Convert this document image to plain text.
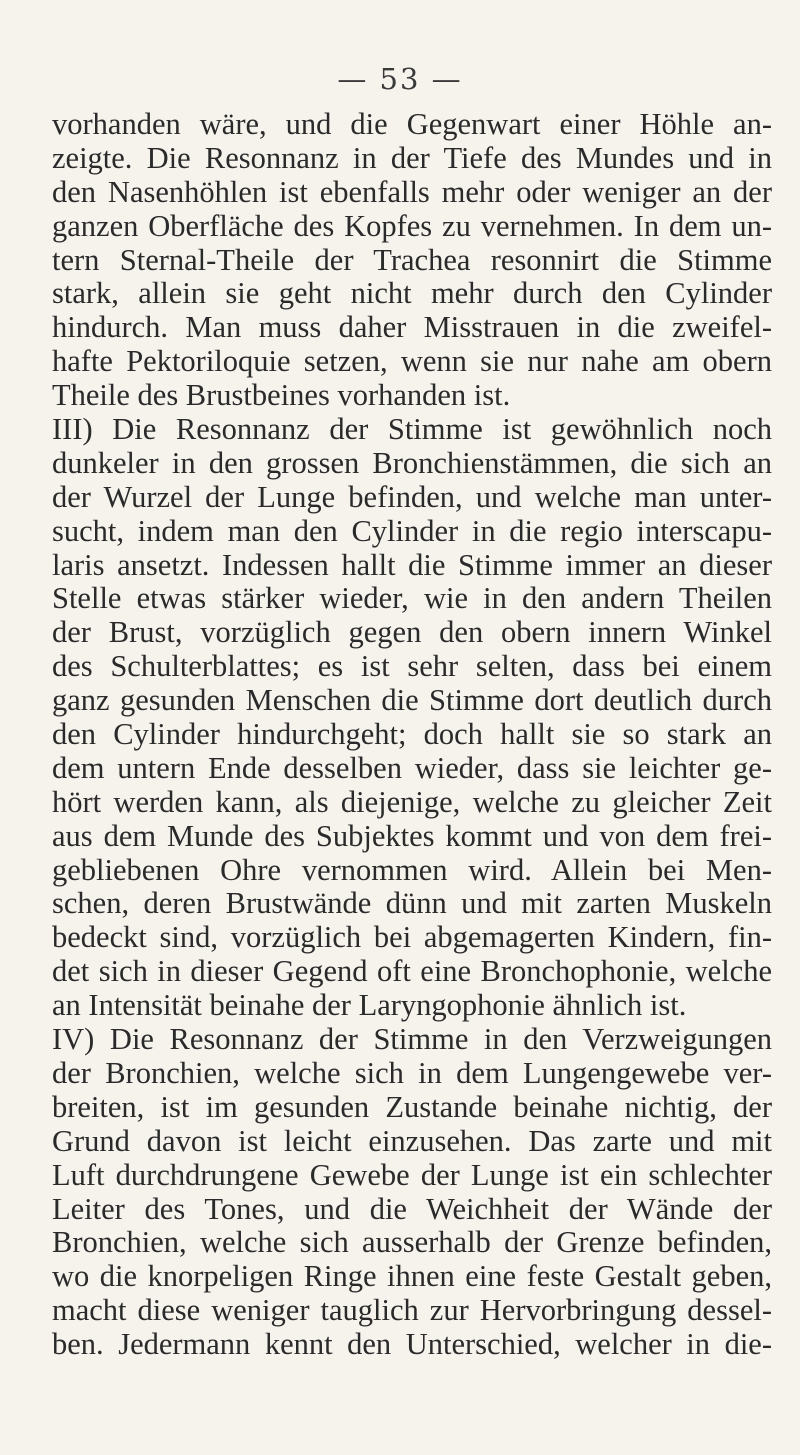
— 53 —
vorhanden wäre, und die Gegenwart einer Höhle an-
zeigte. Die Resonnanz in der Tiefe des Mundes und in
den Nasenhöhlen ist ebenfalls mehr oder weniger an der
ganzen Oberfläche des Kopfes zu vernehmen. In dem un-
tern Sternal-Theile der Trachea resonnirt die Stimme
stark, allein sie geht nicht mehr durch den Cylinder
hindurch. Man muss daher Misstrauen in die zweifel-
hafte Pektoriloquie setzen, wenn sie nur nahe am obern
Theile des Brustbeines vorhanden ist.
III) Die Resonnanz der Stimme ist gewöhnlich noch
dunkeler in den grossen Bronchienstämmen, die sich an
der Wurzel der Lunge befinden, und welche man unter-
sucht, indem man den Cylinder in die regio interscapu-
laris ansetzt. Indessen hallt die Stimme immer an dieser
Stelle etwas stärker wieder, wie in den andern Theilen
der Brust, vorzüglich gegen den obern innern Winkel
des Schulterblattes; es ist sehr selten, dass bei einem
ganz gesunden Menschen die Stimme dort deutlich durch
den Cylinder hindurchgeht; doch hallt sie so stark an
dem untern Ende desselben wieder, dass sie leichter ge-
hört werden kann, als diejenige, welche zu gleicher Zeit
aus dem Munde des Subjektes kommt und von dem frei-
gebliebenen Ohre vernommen wird. Allein bei Men-
schen, deren Brustwände dünn und mit zarten Muskeln
bedeckt sind, vorzüglich bei abgemagerten Kindern, fin-
det sich in dieser Gegend oft eine Bronchophonie, welche
an Intensität beinahe der Laryngophonie ähnlich ist.
IV) Die Resonnanz der Stimme in den Verzweigungen
der Bronchien, welche sich in dem Lungengewebe ver-
breiten, ist im gesunden Zustande beinahe nichtig, der
Grund davon ist leicht einzusehen. Das zarte und mit
Luft durchdrungene Gewebe der Lunge ist ein schlechter
Leiter des Tones, und die Weichheit der Wände der
Bronchien, welche sich ausserhalb der Grenze befinden,
wo die knorpeligen Ringe ihnen eine feste Gestalt geben,
macht diese weniger tauglich zur Hervorbringung dessel-
ben. Jedermann kennt den Unterschied, welcher in die-
